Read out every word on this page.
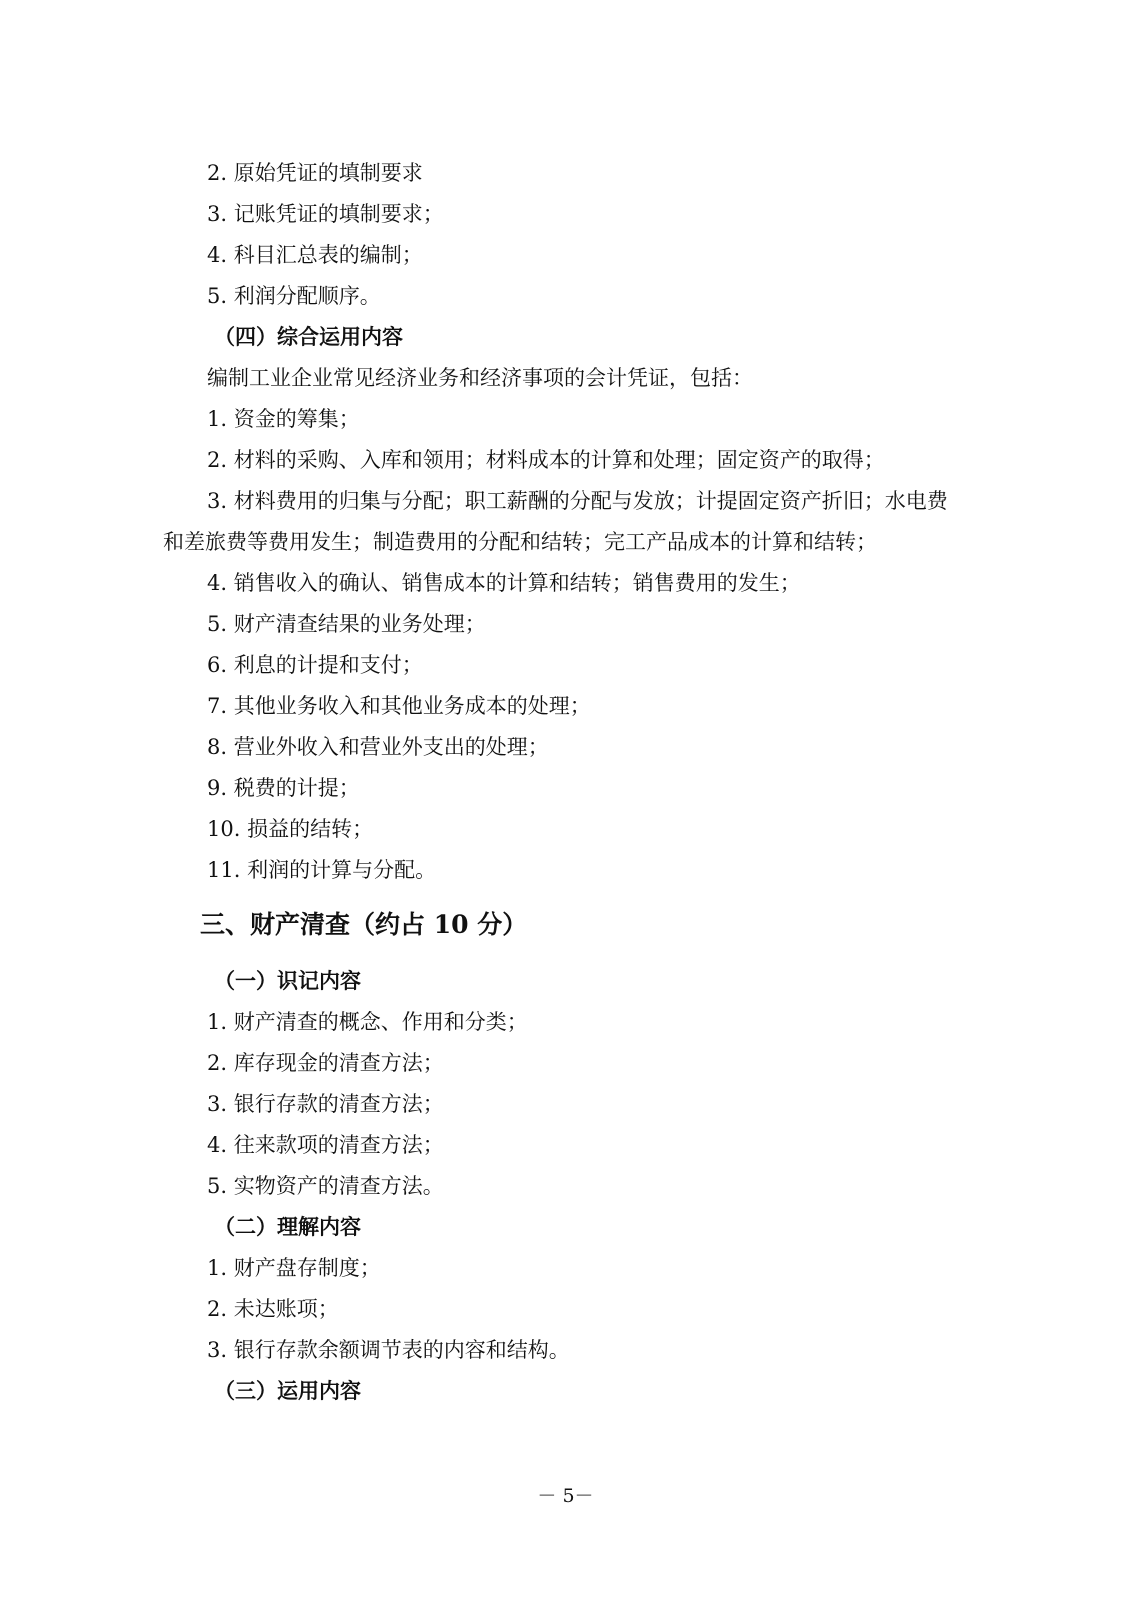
2. 原始凭证的填制要求
3. 记账凭证的填制要求；
4. 科目汇总表的编制；
5. 利润分配顺序。
（四）综合运用内容
编制工业企业常见经济业务和经济事项的会计凭证，包括：
1. 资金的筹集；
2. 材料的采购、入库和领用；材料成本的计算和处理；固定资产的取得；
3. 材料费用的归集与分配；职工薪酬的分配与发放；计提固定资产折旧；水电费
和差旅费等费用发生；制造费用的分配和结转；完工产品成本的计算和结转；
4. 销售收入的确认、销售成本的计算和结转；销售费用的发生；
5. 财产清查结果的业务处理；
6. 利息的计提和支付；
7. 其他业务收入和其他业务成本的处理；
8. 营业外收入和营业外支出的处理；
9. 税费的计提；
10. 损益的结转；
11. 利润的计算与分配。
三、财产清查（约占 10 分）
（一）识记内容
1. 财产清查的概念、作用和分类；
2. 库存现金的清查方法；
3. 银行存款的清查方法；
4. 往来款项的清查方法；
5. 实物资产的清查方法。
（二）理解内容
1. 财产盘存制度；
2. 未达账项；
3. 银行存款余额调节表的内容和结构。
（三）运用内容
－ 5－
